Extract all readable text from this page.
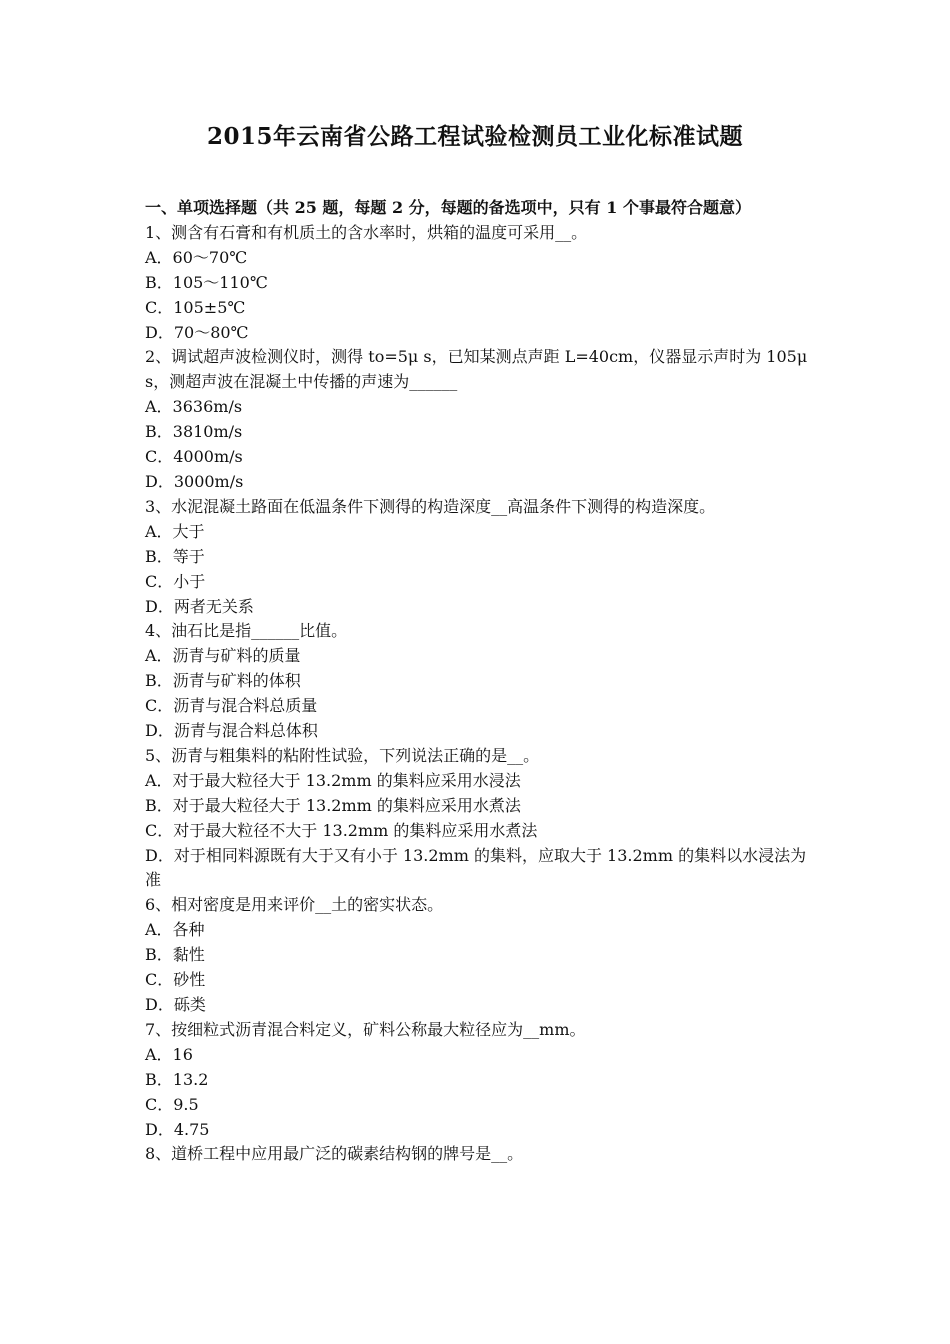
2015年云南省公路工程试验检测员工业化标准试题
一、单项选择题（共 25 题，每题 2 分，每题的备选项中，只有 1 个事最符合题意）
1、测含有石膏和有机质土的含水率时，烘箱的温度可采用__。
A．60～70℃
B．105～110℃
C．105±5℃
D．70～80℃
2、调试超声波检测仪时，测得 to=5μ s，已知某测点声距 L=40cm，仪器显示声时为 105μ s，测超声波在混凝土中传播的声速为______
A．3636m/s
B．3810m/s
C．4000m/s
D．3000m/s
3、水泥混凝土路面在低温条件下测得的构造深度__高温条件下测得的构造深度。
A．大于
B．等于
C．小于
D．两者无关系
4、油石比是指______比值。
A．沥青与矿料的质量
B．沥青与矿料的体积
C．沥青与混合料总质量
D．沥青与混合料总体积
5、沥青与粗集料的粘附性试验，下列说法正确的是__。
A．对于最大粒径大于 13.2mm 的集料应采用水浸法
B．对于最大粒径大于 13.2mm 的集料应采用水煮法
C．对于最大粒径不大于 13.2mm 的集料应采用水煮法
D．对于相同料源既有大于又有小于 13.2mm 的集料，应取大于 13.2mm 的集料以水浸法为准
6、相对密度是用来评价__土的密实状态。
A．各种
B．黏性
C．砂性
D．砾类
7、按细粒式沥青混合料定义，矿料公称最大粒径应为__mm。
A．16
B．13.2
C．9.5
D．4.75
8、道桥工程中应用最广泛的碳素结构钢的牌号是__。
